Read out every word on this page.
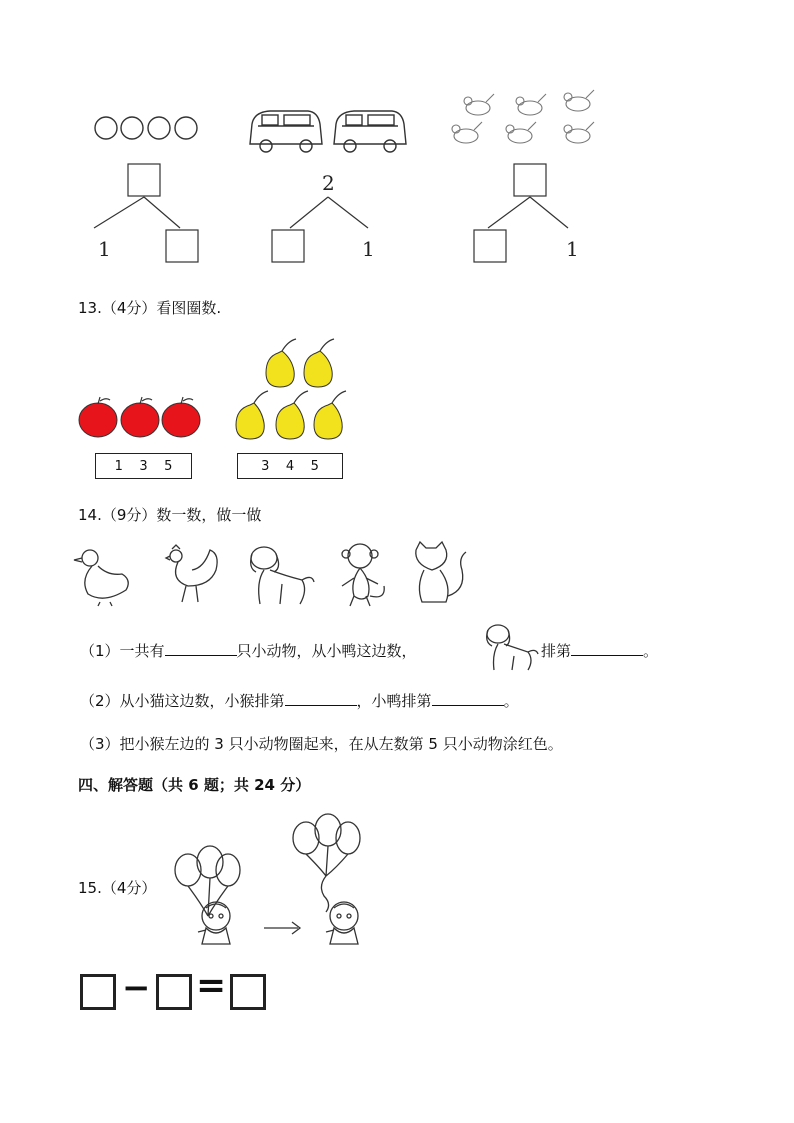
1
2
1	1
13.（4分）看图圈数.
1    3    5	3    4    5
14.（9分）数一数，做一做
（1）一共有	只小动物，从小鸭这边数，	排第	。
（2）从小猫这边数，小猴排第	，小鸭排第	。
（3）把小猴左边的 3 只小动物圈起来，在从左数第 5 只小动物涂红色。
四、解答题（共 6 题；共 24 分）
15.（4分）
− =
